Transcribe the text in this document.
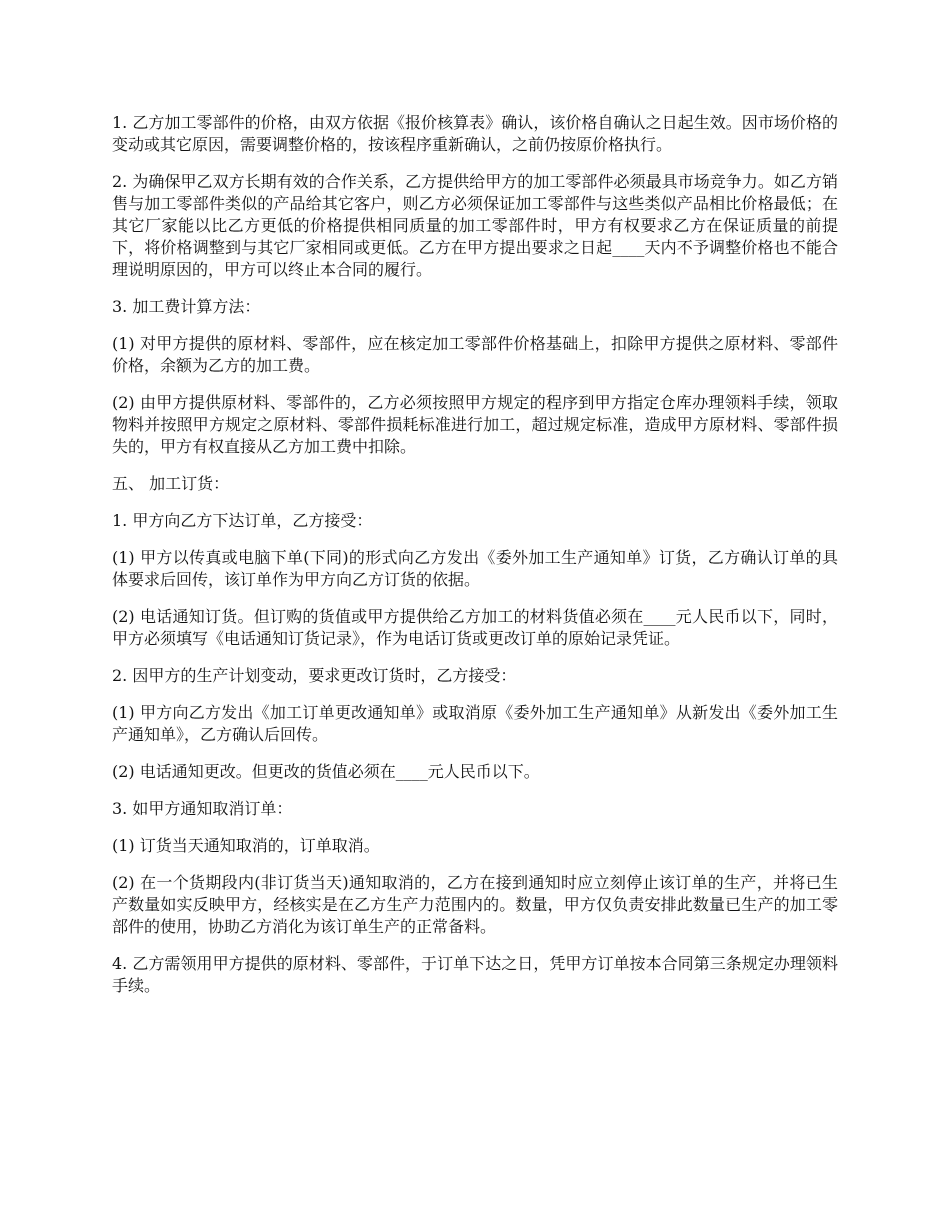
1. 乙方加工零部件的价格，由双方依据《报价核算表》确认，该价格自确认之日起生效。因市场价格的变动或其它原因，需要调整价格的，按该程序重新确认，之前仍按原价格执行。

2. 为确保甲乙双方长期有效的合作关系，乙方提供给甲方的加工零部件必须最具市场竞争力。如乙方销售与加工零部件类似的产品给其它客户，则乙方必须保证加工零部件与这些类似产品相比价格最低；在其它厂家能以比乙方更低的价格提供相同质量的加工零部件时，甲方有权要求乙方在保证质量的前提下，将价格调整到与其它厂家相同或更低。乙方在甲方提出要求之日起____天内不予调整价格也不能合理说明原因的，甲方可以终止本合同的履行。

3. 加工费计算方法：

(1) 对甲方提供的原材料、零部件，应在核定加工零部件价格基础上，扣除甲方提供之原材料、零部件价格，余额为乙方的加工费。

(2) 由甲方提供原材料、零部件的，乙方必须按照甲方规定的程序到甲方指定仓库办理领料手续，领取物料并按照甲方规定之原材料、零部件损耗标准进行加工，超过规定标准，造成甲方原材料、零部件损失的，甲方有权直接从乙方加工费中扣除。

五、 加工订货：

1. 甲方向乙方下达订单，乙方接受：

(1) 甲方以传真或电脑下单(下同)的形式向乙方发出《委外加工生产通知单》订货，乙方确认订单的具体要求后回传，该订单作为甲方向乙方订货的依据。

(2) 电话通知订货。但订购的货值或甲方提供给乙方加工的材料货值必须在____元人民币以下，同时，甲方必须填写《电话通知订货记录》，作为电话订货或更改订单的原始记录凭证。

2. 因甲方的生产计划变动，要求更改订货时，乙方接受：

(1) 甲方向乙方发出《加工订单更改通知单》或取消原《委外加工生产通知单》从新发出《委外加工生产通知单》，乙方确认后回传。

(2) 电话通知更改。但更改的货值必须在____元人民币以下。

3. 如甲方通知取消订单：

(1) 订货当天通知取消的，订单取消。

(2) 在一个货期段内(非订货当天)通知取消的，乙方在接到通知时应立刻停止该订单的生产，并将已生产数量如实反映甲方，经核实是在乙方生产力范围内的。数量，甲方仅负责安排此数量已生产的加工零部件的使用，协助乙方消化为该订单生产的正常备料。

4. 乙方需领用甲方提供的原材料、零部件，于订单下达之日，凭甲方订单按本合同第三条规定办理领料手续。
